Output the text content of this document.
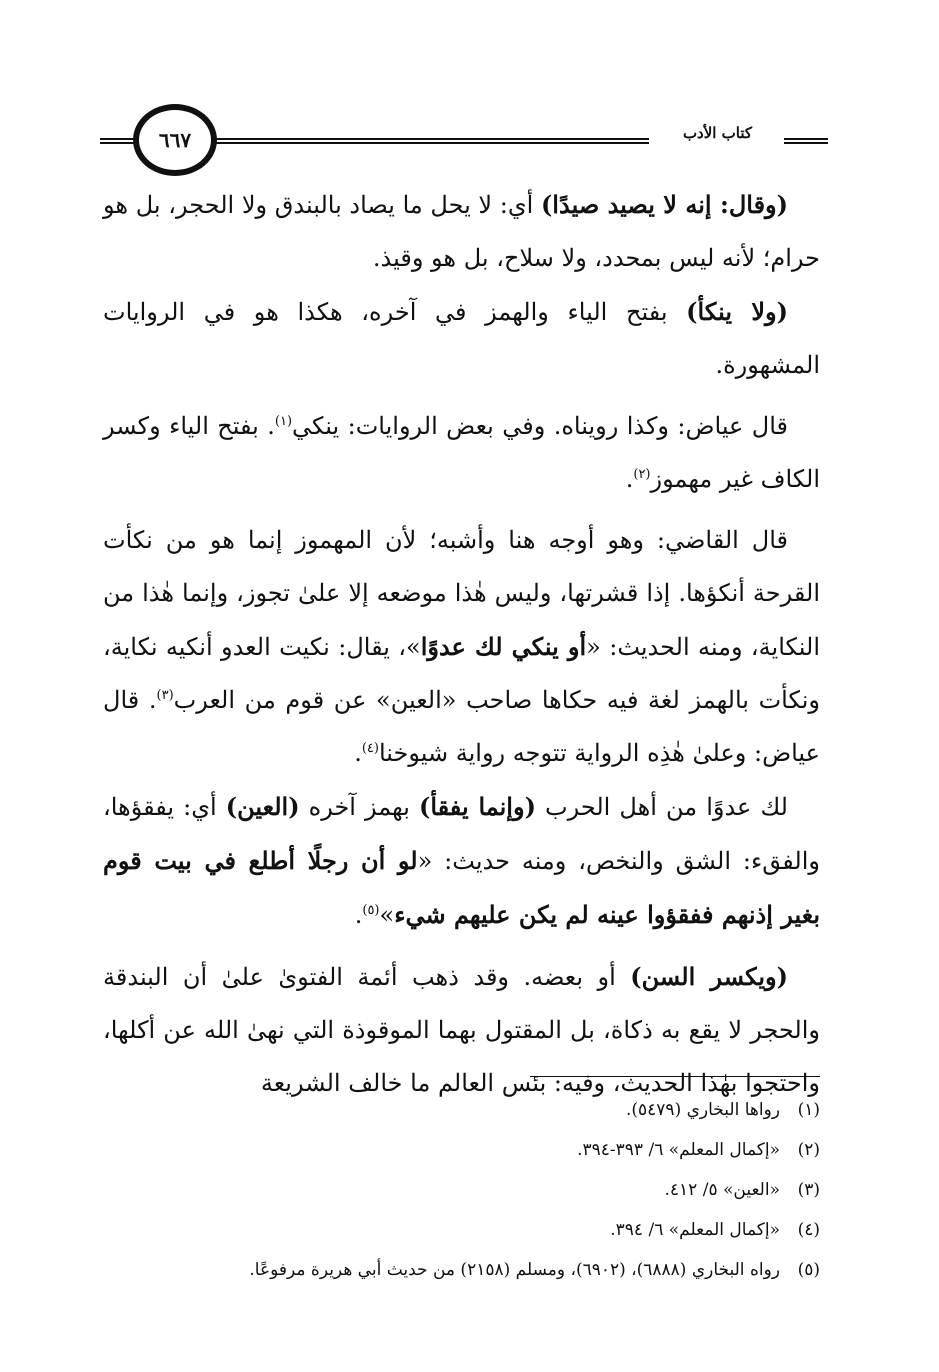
كتاب الأدب
٦٦٧

(وقال: إنه لا يصيد صيدًا) أي: لا يحل ما يصاد بالبندق ولا الحجر، بل هو حرام؛ لأنه ليس بمحدد، ولا سلاح، بل هو وقيذ.

(ولا ينكأ) بفتح الياء والهمز في آخره، هكذا هو في الروايات المشهورة.

قال عياض: وكذا رويناه. وفي بعض الروايات: ينكي$^{(١)}$. بفتح الياء وكسر الكاف غير مهموز$^{(٢)}$.

قال القاضي: وهو أوجه هنا وأشبه؛ لأن المهموز إنما هو من نكأت القرحة أنكؤها. إذا قشرتها، وليس هٰذا موضعه إلا علىٰ تجوز، وإنما هٰذا من النكاية، ومنه الحديث: «أو ينكي لك عدوًا»، يقال: نكيت العدو أنكيه نكاية، ونكأت بالهمز لغة فيه حكاها صاحب «العين» عن قوم من العرب$^{(٣)}$. قال عياض: وعلىٰ هٰذِه الرواية تتوجه رواية شيوخنا$^{(٤)}$.

لك عدوًا من أهل الحرب (وإنما يفقأ) بهمز آخره (العين) أي: يفقؤها، والفقء: الشق والنخص، ومنه حديث: «لو أن رجلًا أطلع في بيت قوم بغير إذنهم ففقؤوا عينه لم يكن عليهم شيء»$^{(٥)}$.

(ويكسر السن) أو بعضه. وقد ذهب أئمة الفتوىٰ علىٰ أن البندقة والحجر لا يقع به ذكاة، بل المقتول بهما الموقوذة التي نهىٰ الله عن أكلها، واحتجوا بهٰذا الحديث، وفيه: بئس العالم ما خالف الشريعة

(١)
رواها البخاري (٥٤٧٩).
(٢)
«إكمال المعلم» ٦/ ٣٩٣-٣٩٤.
(٣)
«العين» ٥/ ٤١٢.
(٤)
«إكمال المعلم» ٦/ ٣٩٤.
(٥)
رواه البخاري (٦٨٨٨)، (٦٩٠٢)، ومسلم (٢١٥٨) من حديث أبي هريرة مرفوعًا.
